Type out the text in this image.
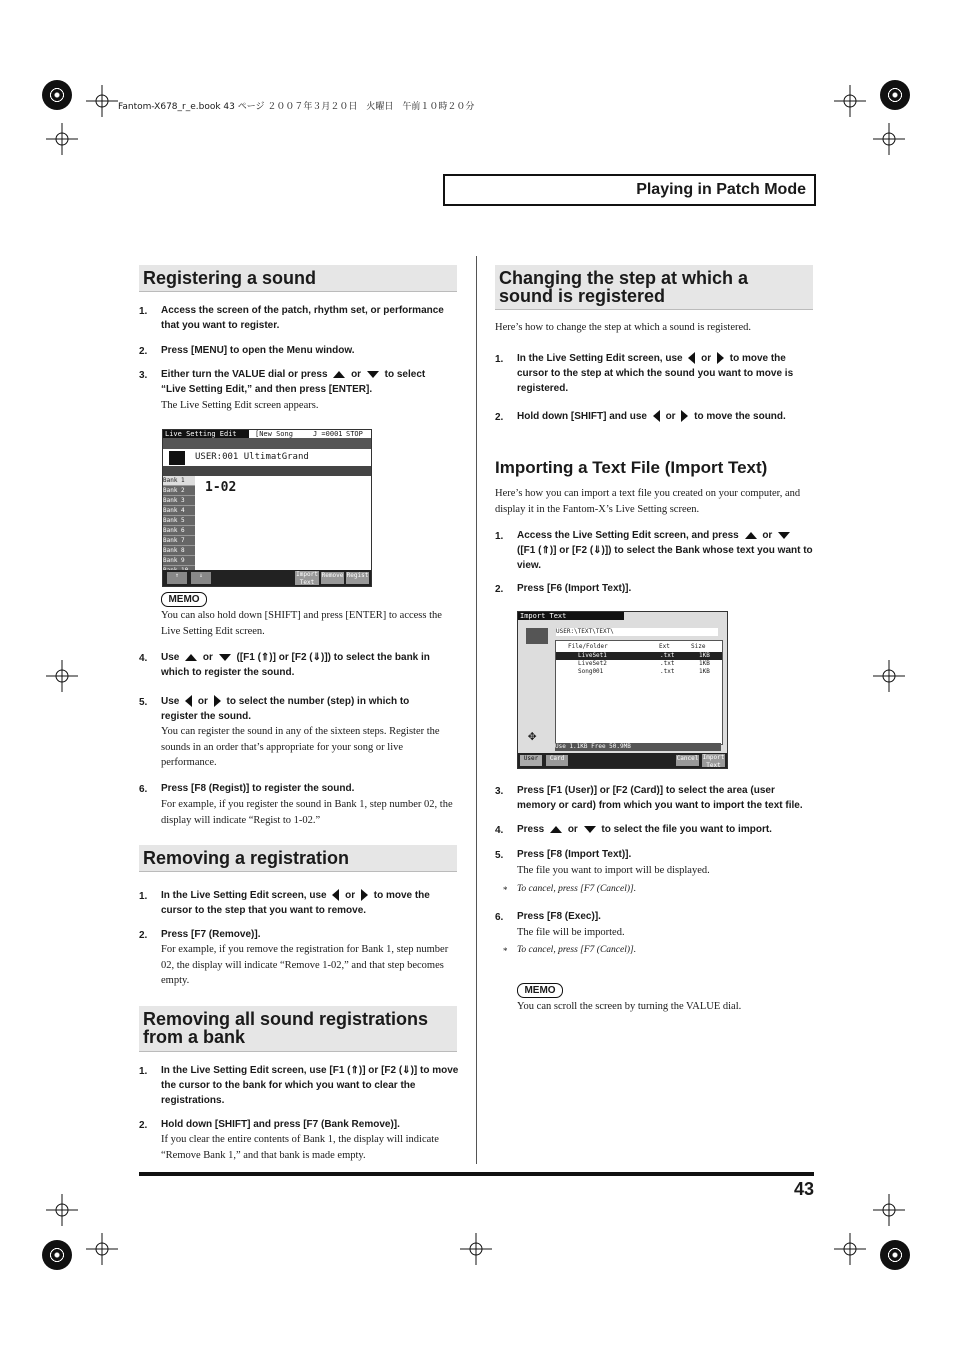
Fantom-X678_r_e.book 43 ページ ２００７年３月２０日　火曜日　午前１０時２０分
Playing in Patch Mode
Registering a sound
1. Access the screen of the patch, rhythm set, or performance that you want to register.
2. Press [MENU] to open the Menu window.
3. Either turn the VALUE dial or press or to select
“Live Setting Edit,” and then press [ENTER].
The Live Setting Edit screen appears.
Live Setting Edit	[New Song	J =0001 STOP
USER:001 UltimatGrand
1-02
Bank 1
Bank 2
Bank 3
Bank 4
Bank 5
Bank 6
Bank 7
Bank 8
Bank 9
⇑	⇓	Import Text
Remove Regist
MEMO
You can also hold down [SHIFT] and press [ENTER] to access the Live Setting Edit screen.
4. Use or ([F1 (⇑)] or [F2 (⇓)]) to select the bank in which to register the sound.
5. Use or to select the number (step) in which to
register the sound.
You can register the sound in any of the sixteen steps. Register the sounds in an order that’s appropriate for your song or live performance.
6. Press [F8 (Regist)] to register the sound.
For example, if you register the sound in Bank 1, step number 02, the display will indicate “Regist to 1-02.”
Removing a registration
1. In the Live Setting Edit screen, use or to move the
cursor to the step that you want to remove.
2. Press [F7 (Remove)].
For example, if you remove the registration for Bank 1, step number 02, the display will indicate “Remove 1-02,” and that step becomes empty.
Removing all sound registrations from a bank
1. In the Live Setting Edit screen, use [F1 (⇑)] or [F2 (⇓)] to move the cursor to the bank for which you want to clear the registrations.
2. Hold down [SHIFT] and press [F7 (Bank Remove)].
If you clear the entire contents of Bank 1, the display will indicate “Remove Bank 1,” and that bank is made empty.
Changing the step at which a sound is registered
Here’s how to change the step at which a sound is registered.
1. In the Live Setting Edit screen, use or to move the
cursor to the step at which the sound you want to move is registered.
2. Hold down [SHIFT] and use or to move the sound.
Importing a Text File (Import Text)
Here’s how you can import a text file you created on your computer, and display it in the Fantom-X’s Live Setting screen.
1. Access the Live Setting Edit screen, and press or
([F1 (⇑)] or [F2 (⇓)]) to select the Bank whose text you want to view.
2. Press [F6 (Import Text)].
Import Text
USER:\TEXT\TEXT\
File/Folder	Ext	Size
LiveSet1	.txt	1KB
LiveSet2	.txt	1KB
Song001	.txt	1KB
✥
Use 1.1KB Free 50.9MB
User	Card	Cancel Import Text
3. Press [F1 (User)] or [F2 (Card)] to select the area (user memory or card) from which you want to import the text file.
4. Press or to select the file you want to import.
5. Press [F8 (Import Text)].
The file you want to import will be displayed.
* To cancel, press [F7 (Cancel)].
6. Press [F8 (Exec)].
The file will be imported.
* To cancel, press [F7 (Cancel)].
MEMO
You can scroll the screen by turning the VALUE dial.
43
